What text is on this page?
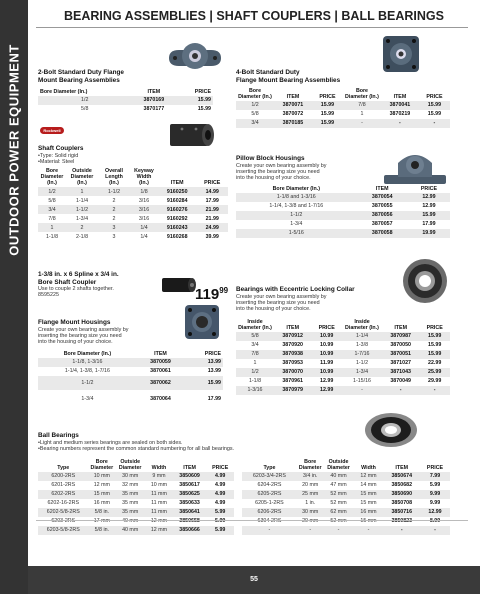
OUTDOOR POWER EQUIPMENT
BEARING ASSEMBLIES | SHAFT COUPLERS | BALL BEARINGS
2-Bolt Standard Duty Flange
Mount Bearing Assemblies
Bore Diameter (In.)	ITEM	PRICE
1/2	3870169	15.99
5/8	3870177	15.99
4-Bolt Standard Duty
Flange Mount Bearing Assemblies
Bore Diameter (In.)	ITEM	PRICE	Bore Diameter (In.)	ITEM	PRICE
1/2	3870071	15.99	7/8	3870041	15.99
5/8	3870072	15.99	1	3870219	15.99
3/4	3870185	15.99	-	-	-
Rockwell
Shaft Couplers
•Type: Solid rigid
•Material: Steel
Bore Diameter (In.)	Outside Diameter (In.)	Overall Length (In.)	Keyway Width (In.)	ITEM	PRICE
1/2	1	1-1/2	1/8	9160250	14.99
5/8	1-1/4	2	3/16	9160284	17.99
3/4	1-1/2	2	3/16	9160276	21.99
7/8	1-3/4	2	3/16	9160292	21.99
1	2	3	1/4	9160243	24.99
1-1/8	2-1/8	3	1/4	9160268	39.99
Pillow Block Housings
Create your own bearing assembly by
inserting the bearing size you need
into the housing of your choice.
Bore Diameter (In.)	ITEM	PRICE
1-1/8 and 1-3/16	3870054	12.99
1-1/4, 1-3/8 and 1-7/16	3870055	12.99
1-1/2	3870056	15.99
1-3/4	3870057	17.99
1-5/16	3870058	19.99
1-3/8 in. x 6 Spline x 3/4 in.
Bore Shaft Coupler
Use to couple 2 shafts together.
8595225	$119^{99}$
Flange Mount Housings
Create your own bearing assembly by
inserting the bearing size you need
into the housing of your choice.
Bore Diameter (In.)	ITEM	PRICE
1-1/8, 1-3/16	3870059	13.99
1-1/4, 1-3/8, 1-7/16	3870061	13.99
1-1/2	3870062	15.99
1-3/4	3870064	17.99
Bearings with Eccentric Locking Collar
Create your own bearing assembly by
inserting the bearing size you need
into the housing of your choice.
Inside Diameter (In.)	ITEM	PRICE	Inside Diameter (In.)	ITEM	PRICE
5/8	3870912	10.99	1-1/4	3870987	15.99
3/4	3870920	10.99	1-3/8	3870050	15.99
7/8	3870938	10.99	1-7/16	3870051	15.99
1	3870953	11.99	1-1/2	3871027	22.99
1/2	3870070	10.99	1-3/4	3871043	25.99
1-1/8	3870961	12.99	1-15/16	3870049	29.99
1-3/16	3870979	12.99	-	-	-
Ball Bearings
•Light and medium series bearings are sealed on both sides.
•Bearing numbers represent the common standard numbering for all ball bearings.
Type	Bore Diameter	Outside Diameter	Width	ITEM	PRICE
6200-2RS	10 mm	30 mm	9 mm	3850609	4.99
6201-2RS	12 mm	32 mm	10 mm	3850617	4.99
6202-2RS	15 mm	35 mm	11 mm	3850625	4.99
6202-16-2RS	16 mm	35 mm	11 mm	3850633	4.99
6202-5/8-2RS	5/8 in.	35 mm	11 mm	3850641	5.99
6203-2RS	17 mm	40 mm	12 mm	3850658	5.99
6203-5/8-2RS	5/8 in.	40 mm	12 mm	3850666	5.99
Type	Bore Diameter	Outside Diameter	Width	ITEM	PRICE
6203-3/4-2RS	3/4 in.	40 mm	12 mm	3850674	7.99
6204-2RS	20 mm	47 mm	14 mm	3850682	5.99
6205-2RS	25 mm	52 mm	15 mm	3850690	9.99
6205-1-2RS	1 in.	52 mm	15 mm	3850708	9.99
6206-2RS	30 mm	62 mm	16 mm	3850716	12.99
6304-2RS	20 mm	52 mm	15 mm	3850823	8.99
-	-	-	-	-	-
55
